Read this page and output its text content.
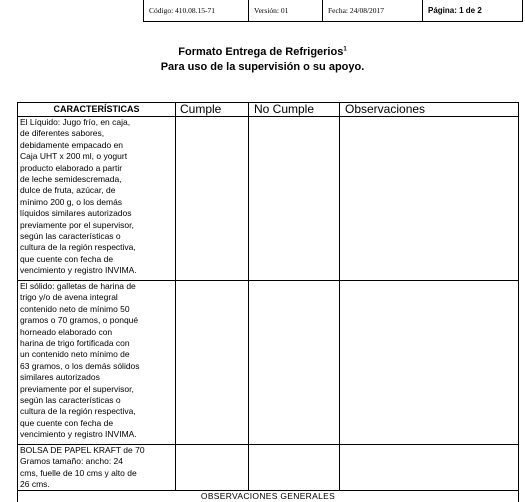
Código: 410.08.15-71	Versión: 01	Fecha: 24/08/2017	Página: 1 de 2
Formato Entrega de Refrigerios$^1$
Para uso de la supervisión o su apoyo.
CARACTERÍSTICAS	Cumple	No Cumple	Observaciones
El Líquido: Jugo frío, en caja,
de diferentes sabores,
debidamente empacado en
Caja UHT x 200 ml, o yogurt
producto elaborado a partir
de leche semidescremada,
dulce de fruta, azúcar, de
mínimo 200 g, o los demás
líquidos similares autorizados
previamente por el supervisor,
según las características o
cultura de la región respectiva,
que cuente con fecha de
vencimiento y registro INVIMA.
El sólido: galletas de harina de
trigo y/o de avena integral
contenido neto de mínimo 50
gramos o 70 gramos, o ponqué
horneado elaborado con
harina de trigo fortificada con
un contenido neto mínimo de
63 gramos, o los demás sólidos
similares autorizados
previamente por el supervisor,
según las características o
cultura de la región respectiva,
que cuente con fecha de
vencimiento y registro INVIMA.
BOLSA DE PAPEL KRAFT de 70
Gramos tamaño: ancho: 24
cms, fuelle de 10 cms y alto de
26 cms.
OBSERVACIONES GENERALES
